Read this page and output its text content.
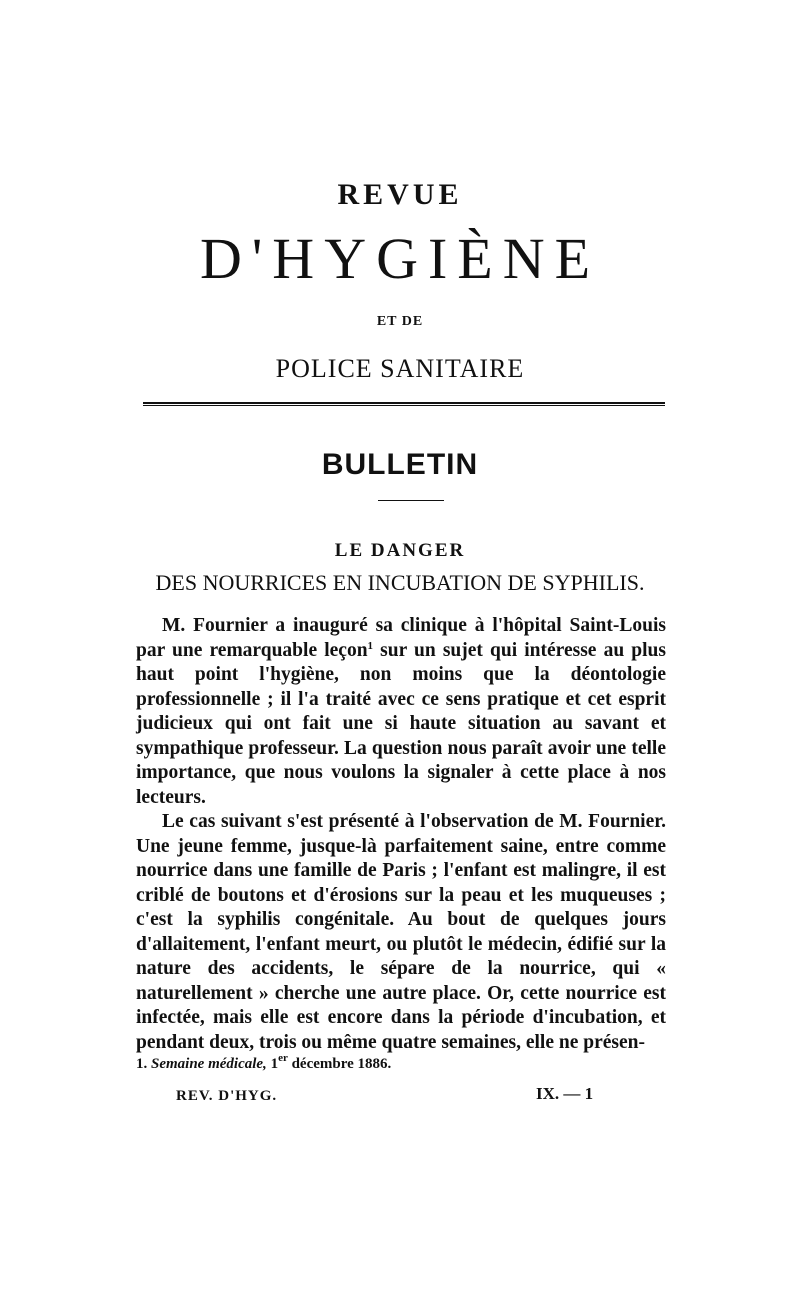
REVUE
D'HYGIÈNE
ET DE
POLICE SANITAIRE
BULLETIN
LE DANGER
DES NOURRICES EN INCUBATION DE SYPHILIS.

M. Fournier a inauguré sa clinique à l'hôpital Saint-Louis par une remarquable leçon$^1$ sur un sujet qui intéresse au plus haut point l'hygiène, non moins que la déontologie professionnelle ; il l'a traité avec ce sens pratique et cet esprit judicieux qui ont fait une si haute situation au savant et sympathique professeur. La question nous paraît avoir une telle importance, que nous voulons la signaler à cette place à nos lecteurs.

Le cas suivant s'est présenté à l'observation de M. Fournier. Une jeune femme, jusque-là parfaitement saine, entre comme nourrice dans une famille de Paris ; l'enfant est malingre, il est criblé de boutons et d'érosions sur la peau et les muqueuses ; c'est la syphilis congénitale. Au bout de quelques jours d'allaitement, l'enfant meurt, ou plutôt le médecin, édifié sur la nature des accidents, le sépare de la nourrice, qui « naturellement » cherche une autre place. Or, cette nourrice est infectée, mais elle est encore dans la période d'incubation, et pendant deux, trois ou même quatre semaines, elle ne présen-

1. Semaine médicale, 1er décembre 1886.
REV. D'HYG.	IX. — 1
